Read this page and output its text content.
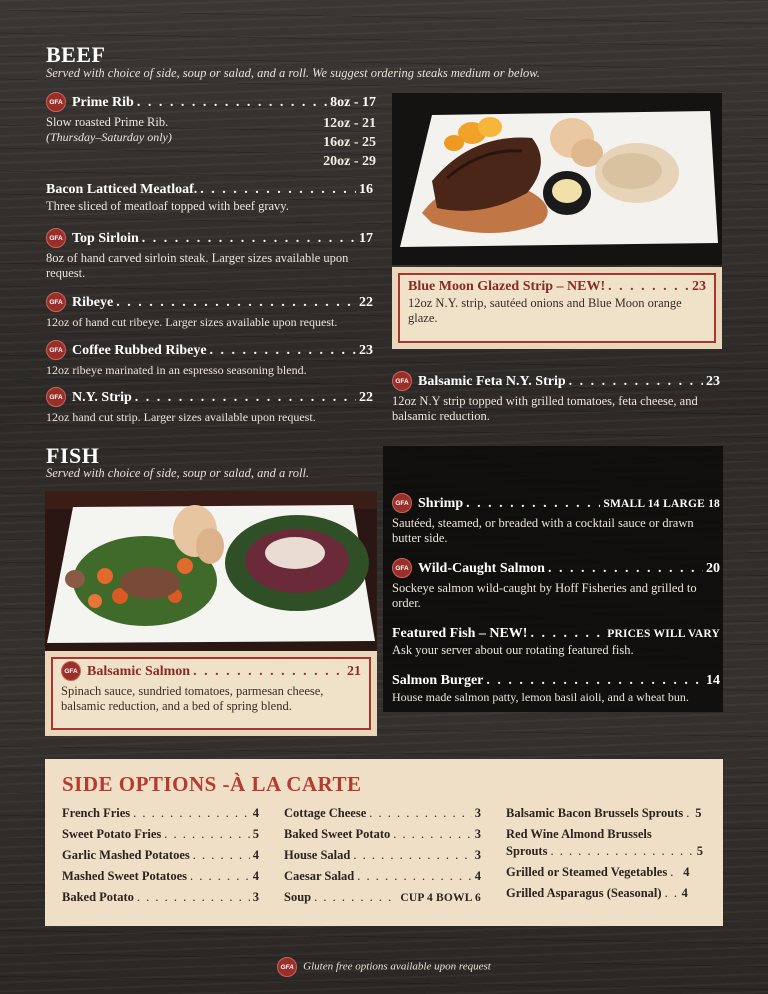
BEEF
Served with choice of side, soup or salad, and a roll. We suggest ordering steaks medium or below.
GFA Prime Rib . . .	8oz - 17
Slow roasted Prime Rib.
(Thursday–Saturday only)
12oz - 21
16oz - 25
20oz - 29
Bacon Latticed Meatloaf. . . .	16
Three sliced of meatloaf topped with beef gravy.
GFA Top Sirloin . . .	17
8oz of hand carved sirloin steak. Larger sizes available upon request.
GFA Ribeye . . .	22
12oz of hand cut ribeye. Larger sizes available upon request.
GFA Coffee Rubbed Ribeye . . .	23
12oz ribeye marinated in an espresso seasoning blend.
GFA N.Y. Strip . . .	22
12oz hand cut strip. Larger sizes available upon request.
Blue Moon Glazed Strip – NEW! . . .	23
12oz N.Y. strip, sautéed onions and Blue Moon orange glaze.
GFA Balsamic Feta N.Y. Strip . . .	23
12oz N.Y strip topped with grilled tomatoes, feta cheese, and balsamic reduction.
FISH
Served with choice of side, soup or salad, and a roll.
GFA Balsamic Salmon . . .	21
Spinach sauce, sundried tomatoes, parmesan cheese, balsamic reduction, and a bed of spring blend.
GFA Shrimp . . .	SMALL 14 LARGE 18
Sautéed, steamed, or breaded with a cocktail sauce or drawn butter side.
GFA Wild-Caught Salmon . . .	20
Sockeye salmon wild-caught by Hoff Fisheries and grilled to order.
Featured Fish – NEW! . . .	PRICES WILL VARY
Ask your server about our rotating featured fish.
Salmon Burger . . .	14
House made salmon patty, lemon basil aioli, and a wheat bun.
SIDE OPTIONS -À LA CARTE
French Fries . . .	4
Sweet Potato Fries . . .	5
Garlic Mashed Potatoes . . .	4
Mashed Sweet Potatoes . . .	4
Baked Potato . . .	3
Cottage Cheese . . .	3
Baked Sweet Potato . . .	3
House Salad . . .	3
Caesar Salad . . .	4
Soup . . .	CUP 4 BOWL 6
Balsamic Bacon Brussels Sprouts . . . 5
Red Wine Almond Brussels
Sprouts . . .	5
Grilled or Steamed Vegetables . . . 4
Grilled Asparagus (Seasonal) . . . 4
GFA Gluten free options available upon request
